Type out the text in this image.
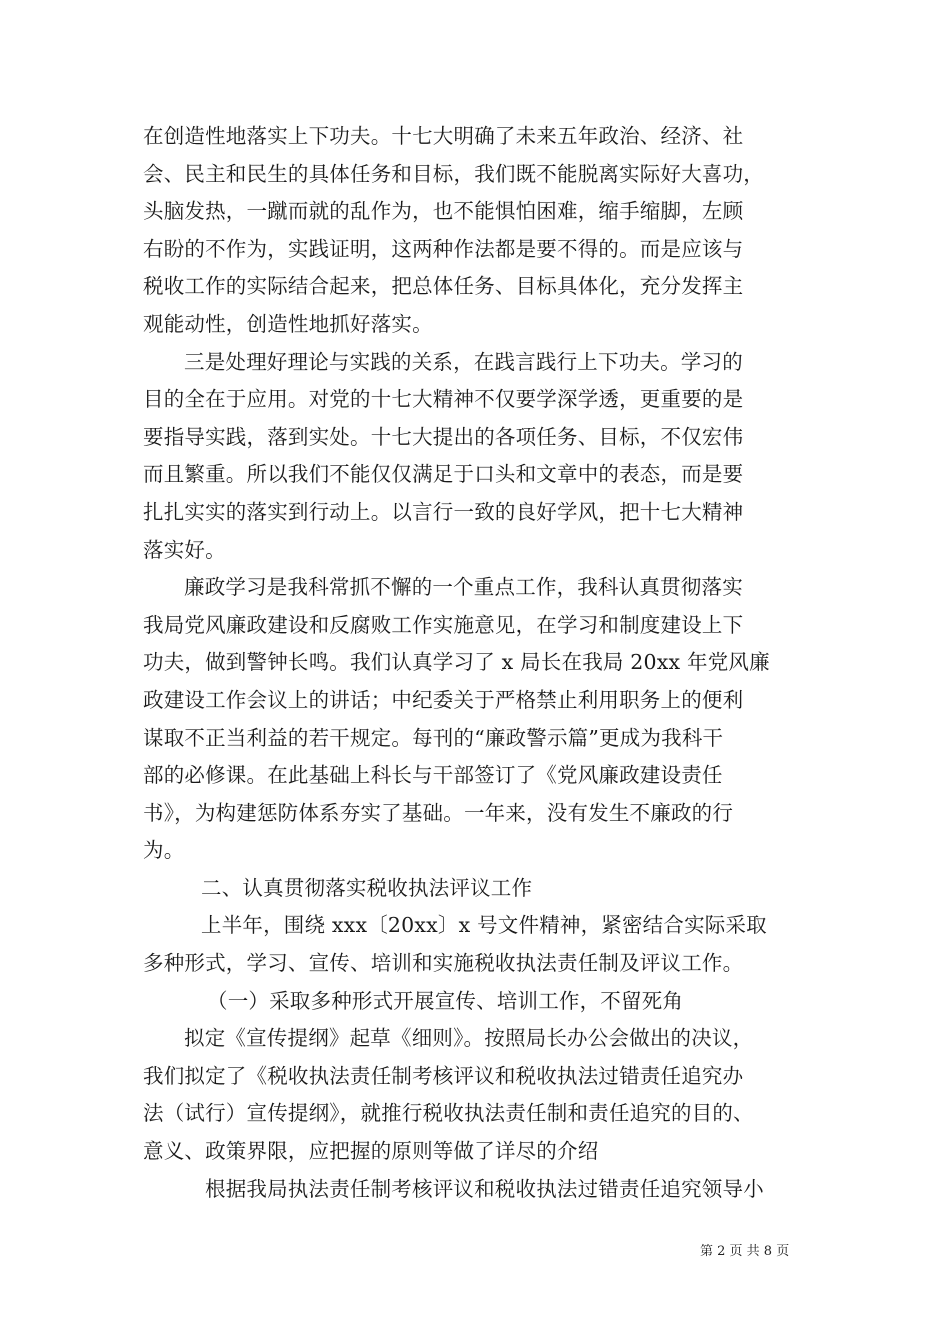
在创造性地落实上下功夫。十七大明确了未来五年政治、经济、社
会、民主和民生的具体任务和目标，我们既不能脱离实际好大喜功，
头脑发热，一蹴而就的乱作为，也不能惧怕困难，缩手缩脚，左顾
右盼的不作为，实践证明，这两种作法都是要不得的。而是应该与
税收工作的实际结合起来，把总体任务、目标具体化，充分发挥主
观能动性，创造性地抓好落实。
三是处理好理论与实践的关系，在践言践行上下功夫。学习的
目的全在于应用。对党的十七大精神不仅要学深学透，更重要的是
要指导实践，落到实处。十七大提出的各项任务、目标，不仅宏伟
而且繁重。所以我们不能仅仅满足于口头和文章中的表态，而是要
扎扎实实的落实到行动上。以言行一致的良好学风，把十七大精神
落实好。
廉政学习是我科常抓不懈的一个重点工作，我科认真贯彻落实
我局党风廉政建设和反腐败工作实施意见，在学习和制度建设上下
功夫，做到警钟长鸣。我们认真学习了 x 局长在我局 20xx 年党风廉
政建设工作会议上的讲话；中纪委关于严格禁止利用职务上的便利
谋取不正当利益的若干规定。每刊的“廉政警示篇”更成为我科干
部的必修课。在此基础上科长与干部签订了《党风廉政建设责任
书》，为构建惩防体系夯实了基础。一年来，没有发生不廉政的行
为。
二、认真贯彻落实税收执法评议工作
上半年，围绕 xxx〔20xx〕x 号文件精神，紧密结合实际采取
多种形式，学习、宣传、培训和实施税收执法责任制及评议工作。
（一）采取多种形式开展宣传、培训工作，不留死角
拟定《宣传提纲》起草《细则》。按照局长办公会做出的决议，
我们拟定了《税收执法责任制考核评议和税收执法过错责任追究办
法（试行）宣传提纲》，就推行税收执法责任制和责任追究的目的、
意义、政策界限，应把握的原则等做了详尽的介绍
根据我局执法责任制考核评议和税收执法过错责任追究领导小
第 2 页 共 8 页
